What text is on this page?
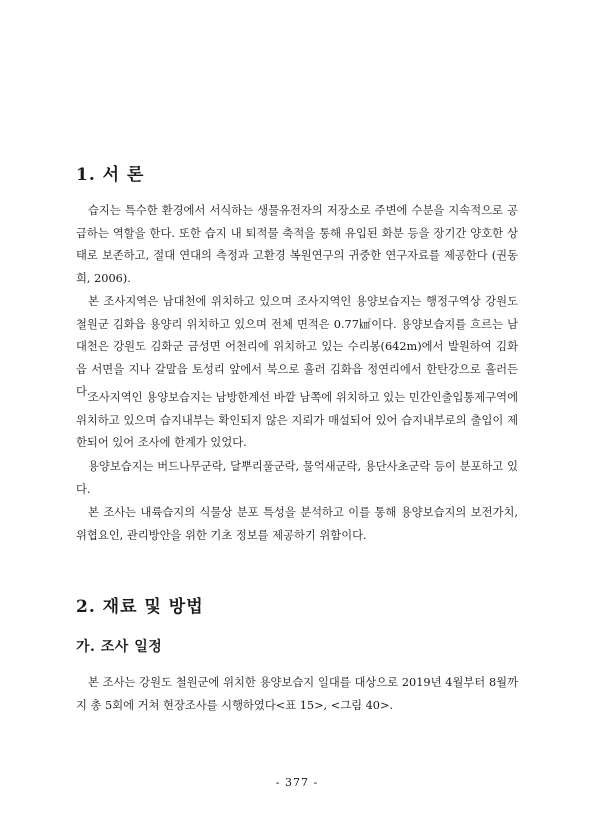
1. 서 론

습지는 특수한 환경에서 서식하는 생물유전자의 저장소로 주변에 수분을 지속적으로 공급하는 역할을 한다. 또한 습지 내 퇴적물 축적을 통해 유입된 화분 등을 장기간 양호한 상태로 보존하고, 절대 연대의 측정과 고환경 복원연구의 귀중한 연구자료를 제공한다 (권동희, 2006).

본 조사지역은 남대천에 위치하고 있으며 조사지역인 용양보습지는 행정구역상 강원도 철원군 김화읍 용양리 위치하고 있으며 전체 면적은 0.77㎢이다. 용양보습지를 흐르는 남대천은 강원도 김화군 금성면 어천리에 위치하고 있는 수리봉(642m)에서 발원하여 김화읍 서면을 지나 갈말읍 토성리 앞에서 북으로 흘러 김화읍 정연리에서 한탄강으로 흘러든다.

조사지역인 용양보습지는 남방한계선 바깥 남쪽에 위치하고 있는 민간인출입통제구역에 위치하고 있으며 습지내부는 확인되지 않은 지뢰가 매설되어 있어 습지내부로의 출입이 제한되어 있어 조사에 한계가 있었다.

용양보습지는 버드나무군락, 달뿌리풀군락, 물억새군락, 용단사초군락 등이 분포하고 있다.

본 조사는 내륙습지의 식물상 분포 특성을 분석하고 이를 통해 용양보습지의 보전가치, 위협요인, 관리방안을 위한 기초 정보를 제공하기 위함이다.

2. 재료 및 방법
가. 조사 일정

본 조사는 강원도 철원군에 위치한 용양보습지 일대를 대상으로 2019년 4월부터 8월까지 총 5회에 거쳐 현장조사를 시행하였다<표 15>, <그림 40>.

- 377 -
